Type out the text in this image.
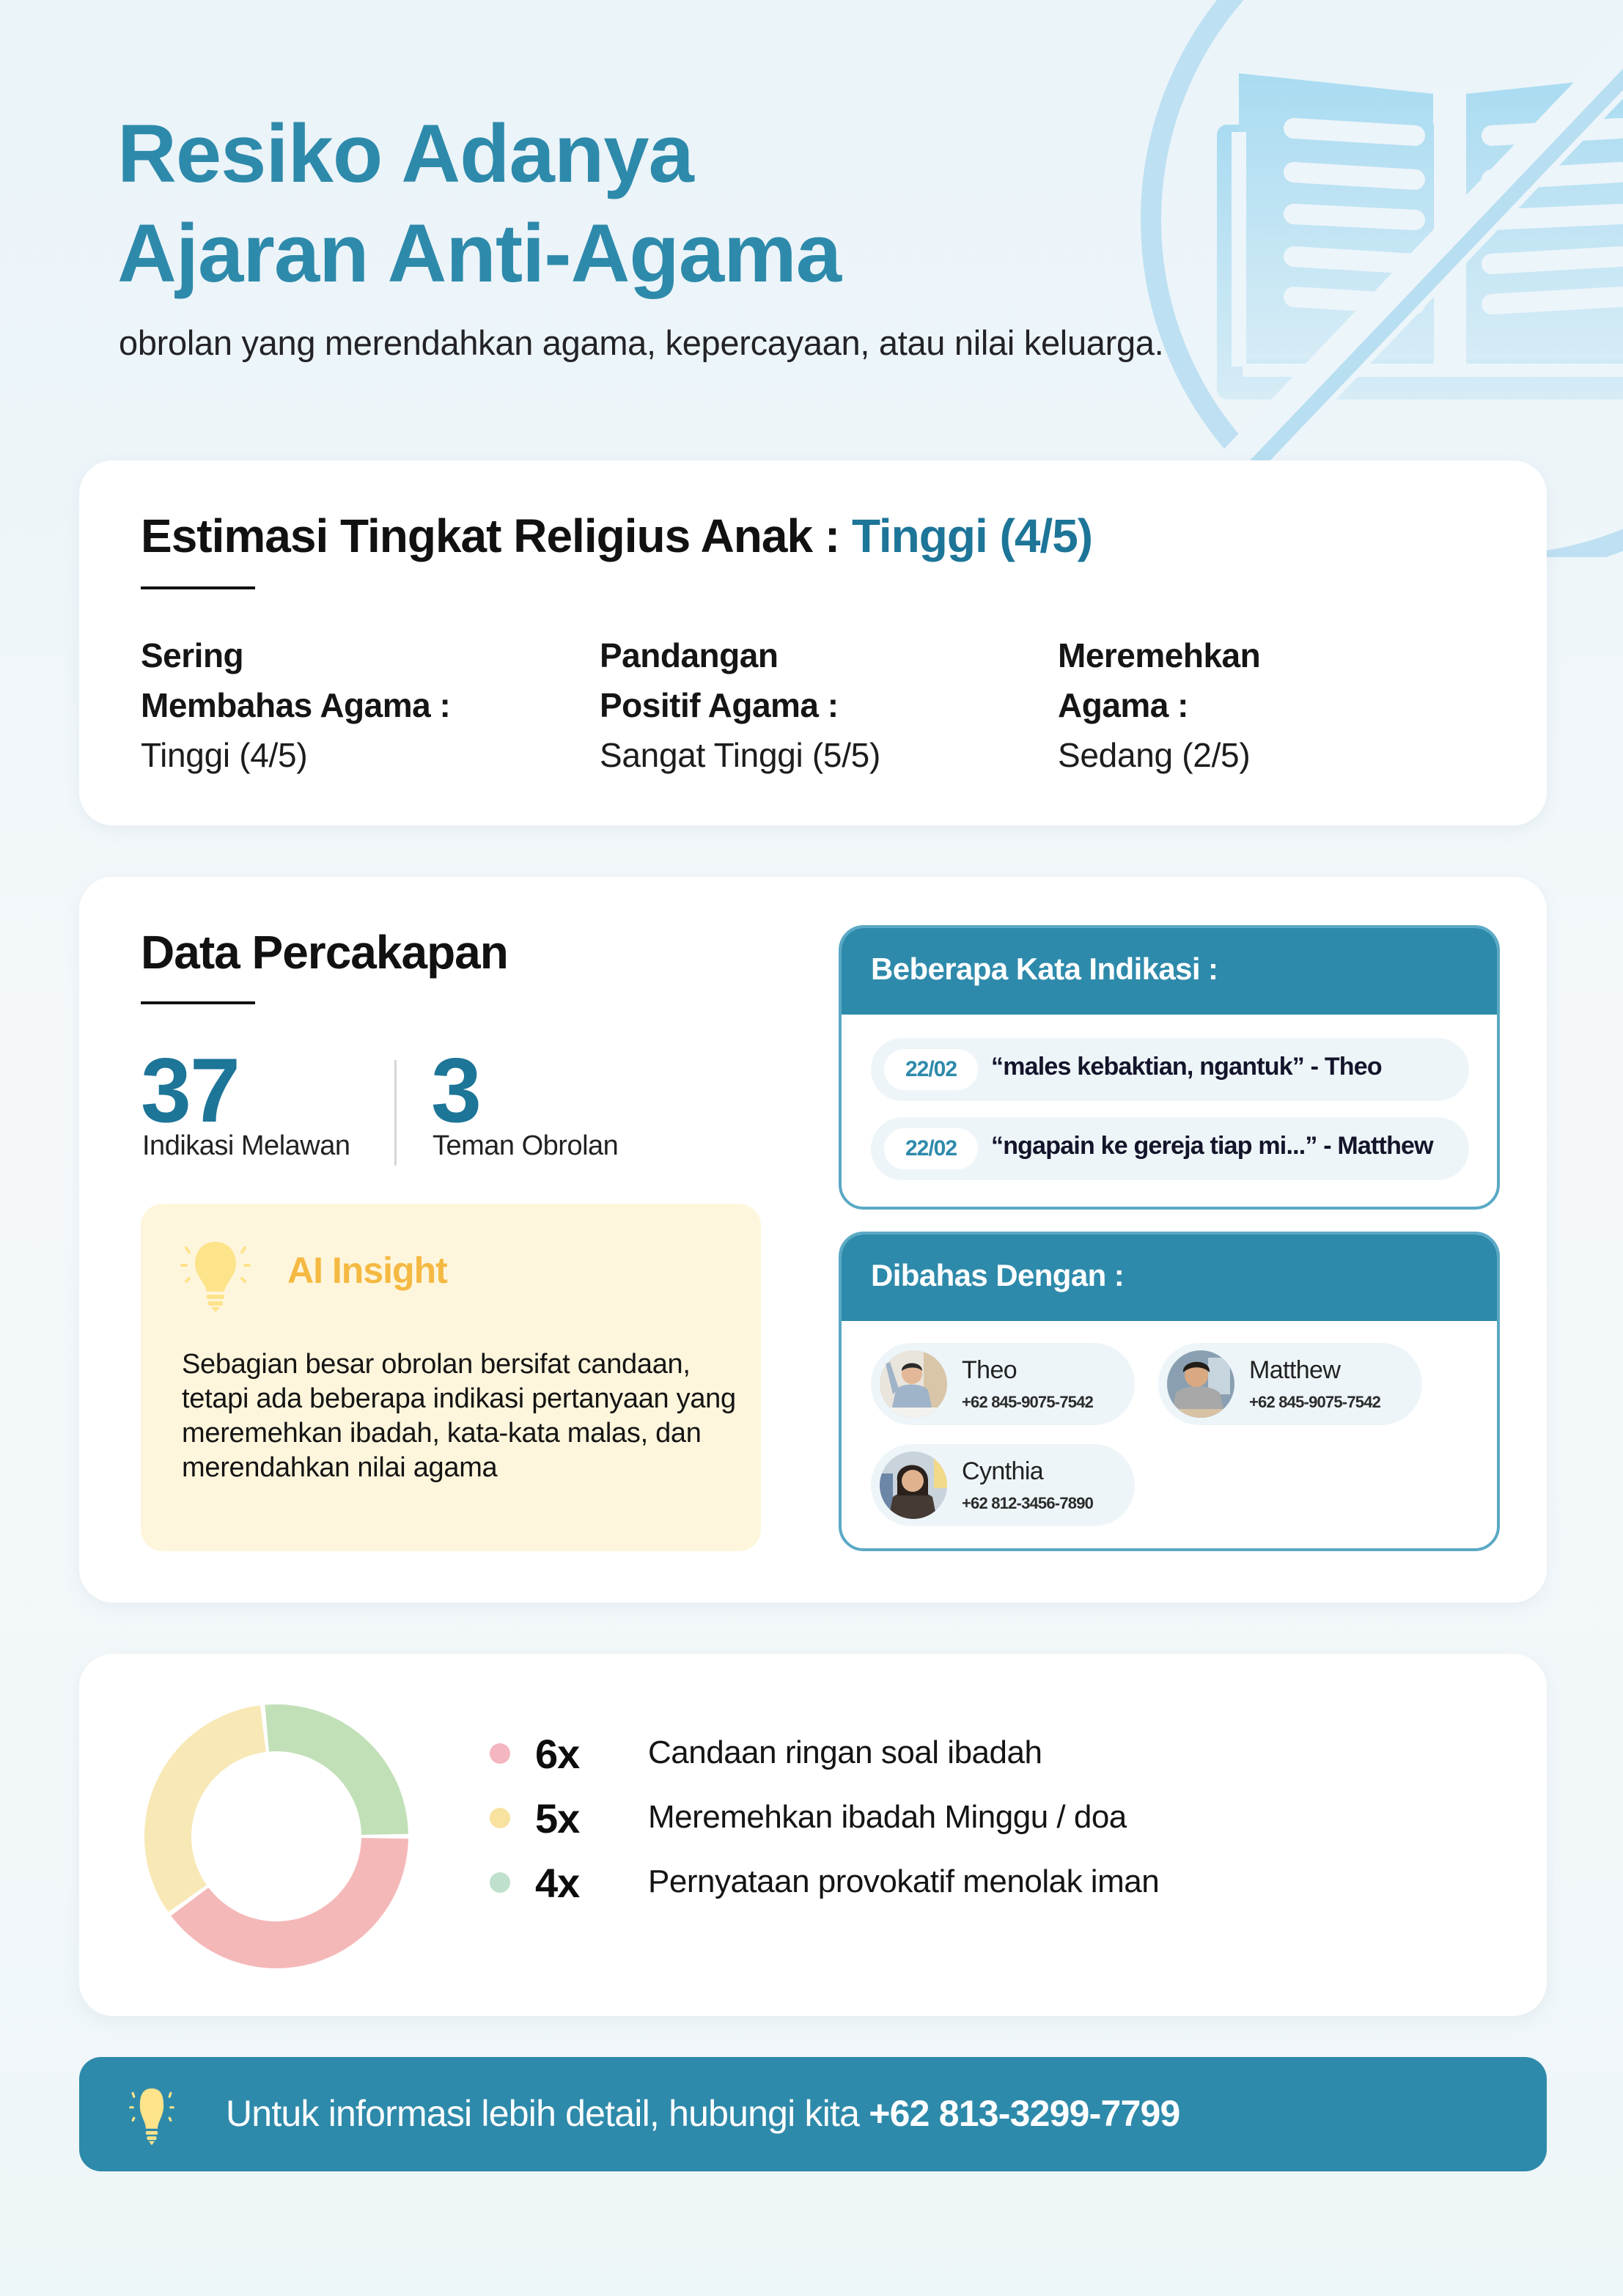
Resiko Adanya
Ajaran Anti-Agama
obrolan yang merendahkan agama, kepercayaan, atau nilai keluarga.
Estimasi Tingkat Religius Anak : Tinggi (4/5)
Sering
Membahas Agama :
Tinggi (4/5)
Pandangan
Positif Agama :
Sangat Tinggi (5/5)
Meremehkan
Agama :
Sedang (2/5)
Data Percakapan
37
Indikasi Melawan
3
Teman Obrolan
AI Insight
Sebagian besar obrolan bersifat candaan, tetapi ada beberapa indikasi pertanyaan yang meremehkan ibadah, kata-kata malas, dan merendahkan nilai agama
Beberapa Kata Indikasi :
22/02	“males kebaktian, ngantuk” - Theo
22/02	“ngapain ke gereja tiap mi...” - Matthew
Dibahas Dengan :
Theo
+62 845-9075-7542
Matthew
+62 845-9075-7542
Cynthia
+62 812-3456-7890
6x Candaan ringan soal ibadah
5x Meremehkan ibadah Minggu / doa
4x Pernyataan provokatif menolak iman
Untuk informasi lebih detail, hubungi kita +62 813-3299-7799
